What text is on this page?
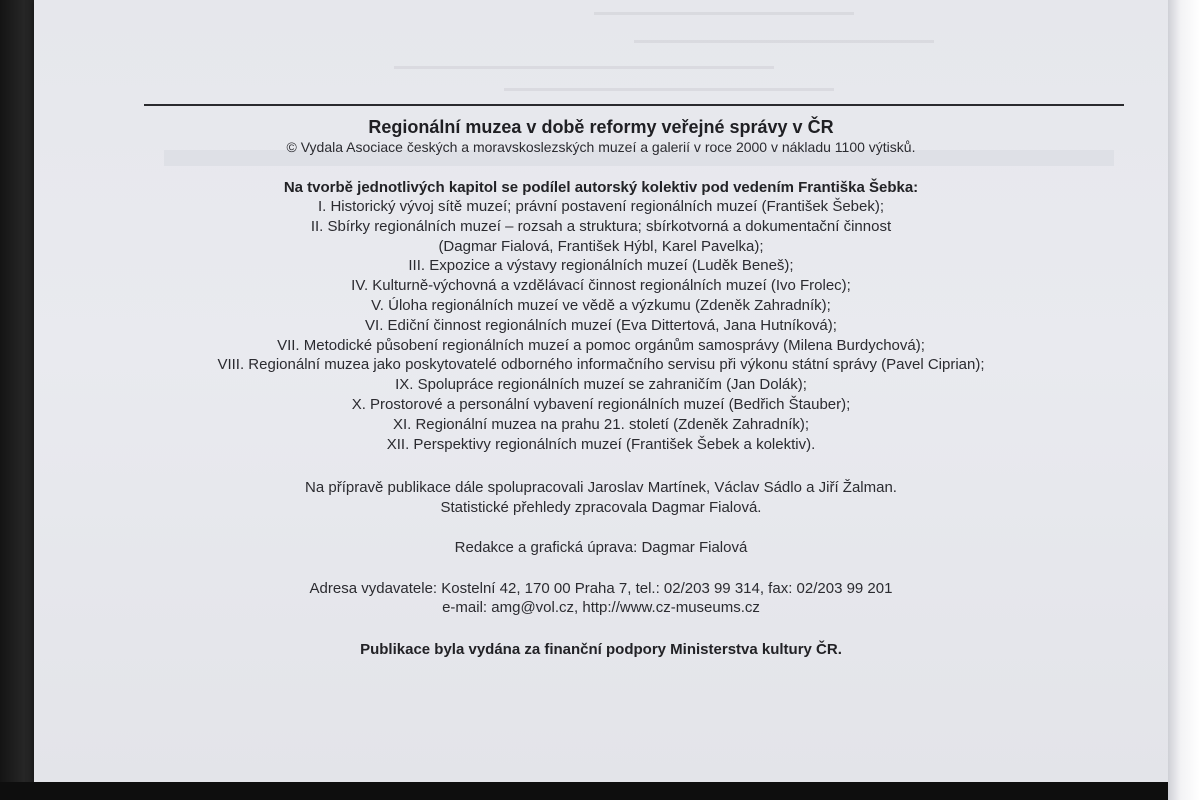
Regionální muzea v době reformy veřejné správy v ČR

© Vydala Asociace českých a moravskoslezských muzeí a galerií v roce 2000 v nákladu 1100 výtisků.

Na tvorbě jednotlivých kapitol se podílel autorský kolektiv pod vedením Františka Šebka:

I. Historický vývoj sítě muzeí; právní postavení regionálních muzeí (František Šebek);
II. Sbírky regionálních muzeí – rozsah a struktura; sbírkotvorná a dokumentační činnost
(Dagmar Fialová, František Hýbl, Karel Pavelka);
III. Expozice a výstavy regionálních muzeí (Luděk Beneš);
IV. Kulturně-výchovná a vzdělávací činnost regionálních muzeí (Ivo Frolec);
V. Úloha regionálních muzeí ve vědě a výzkumu (Zdeněk Zahradník);
VI. Ediční činnost regionálních muzeí (Eva Dittertová, Jana Hutníková);
VII. Metodické působení regionálních muzeí a pomoc orgánům samosprávy (Milena Burdychová);
VIII. Regionální muzea jako poskytovatelé odborného informačního servisu při výkonu státní správy (Pavel Ciprian);
IX. Spolupráce regionálních muzeí se zahraničím (Jan Dolák);
X. Prostorové a personální vybavení regionálních muzeí (Bedřich Štauber);
XI. Regionální muzea na prahu 21. století (Zdeněk Zahradník);
XII. Perspektivy regionálních muzeí (František Šebek a kolektiv).

Na přípravě publikace dále spolupracovali Jaroslav Martínek, Václav Sádlo a Jiří Žalman.

Statistické přehledy zpracovala Dagmar Fialová.

Redakce a grafická úprava: Dagmar Fialová

Adresa vydavatele: Kostelní 42, 170 00 Praha 7, tel.: 02/203 99 314, fax: 02/203 99 201

e-mail: amg@vol.cz, http://www.cz-museums.cz

Publikace byla vydána za finanční podpory Ministerstva kultury ČR.
